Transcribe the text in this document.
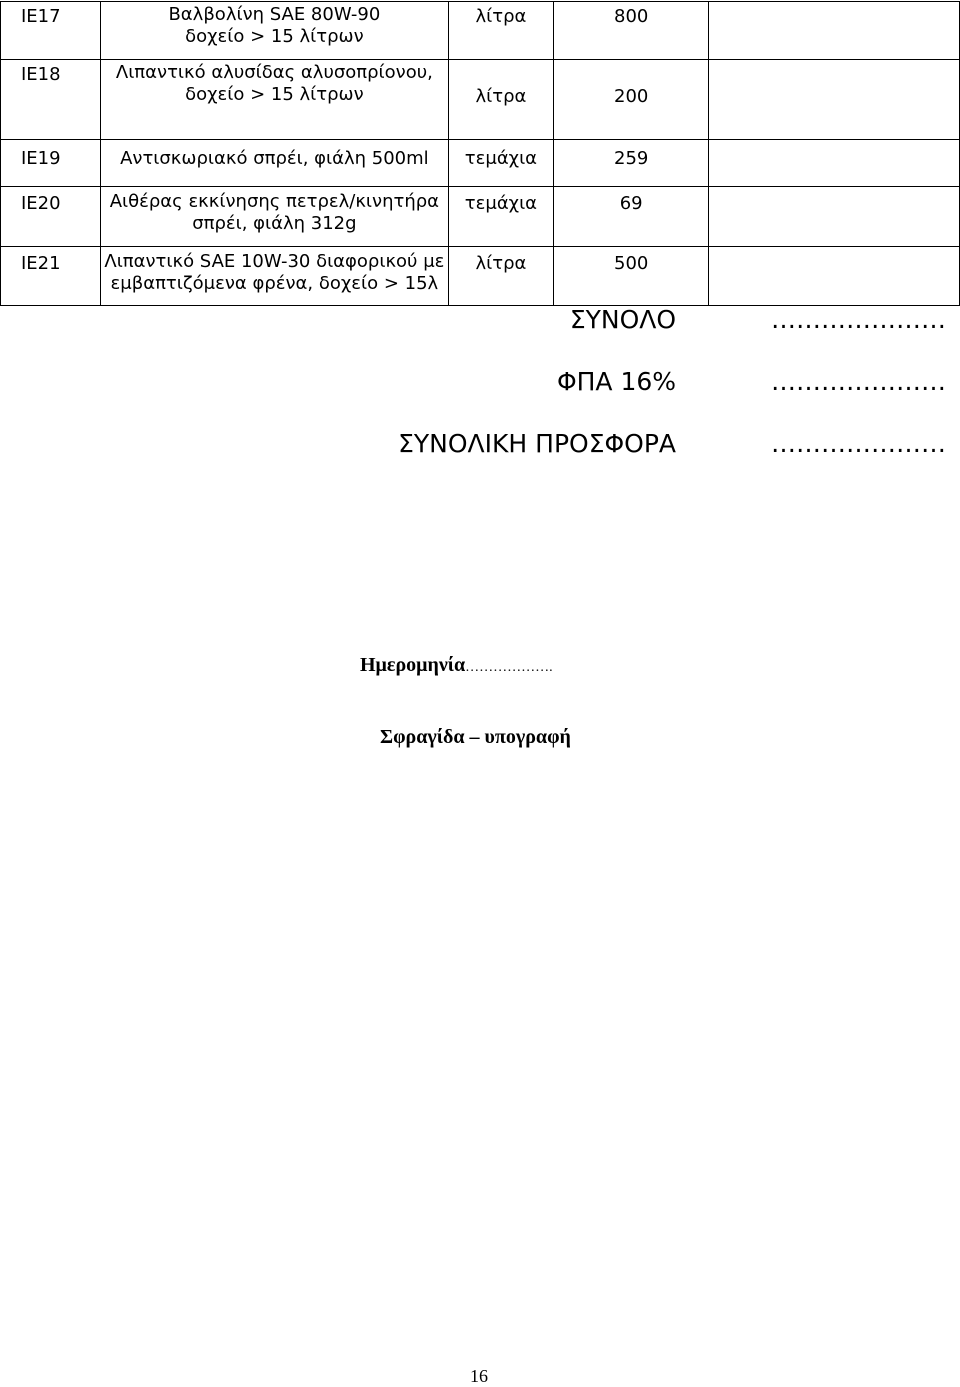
ΙΕ17	Βαλβολίνη SAE 80W-90
δοχείο > 15 λίτρων	λίτρα	800	
ΙΕ18	Λιπαντικό αλυσίδας αλυσοπρίονου,
δοχείο > 15 λίτρων	λίτρα	200	
ΙΕ19	Αντισκωριακό σπρέι, φιάλη 500ml	τεμάχια	259	
ΙΕ20	Αιθέρας εκκίνησης πετρελ/κινητήρα
σπρέι, φιάλη 312g	τεμάχια	69	
ΙΕ21	Λιπαντικό SAE 10W-30 διαφορικού με
εμβαπτιζόμενα φρένα, δοχείο > 15λ	λίτρα	500	
ΣΥΝΟΛΟ	…………………
ΦΠΑ 16%	…………………
ΣΥΝΟΛΙΚΗ ΠΡΟΣΦΟΡΑ	…………………
Ημερομηνία……………….
Σφραγίδα – υπογραφή
16
